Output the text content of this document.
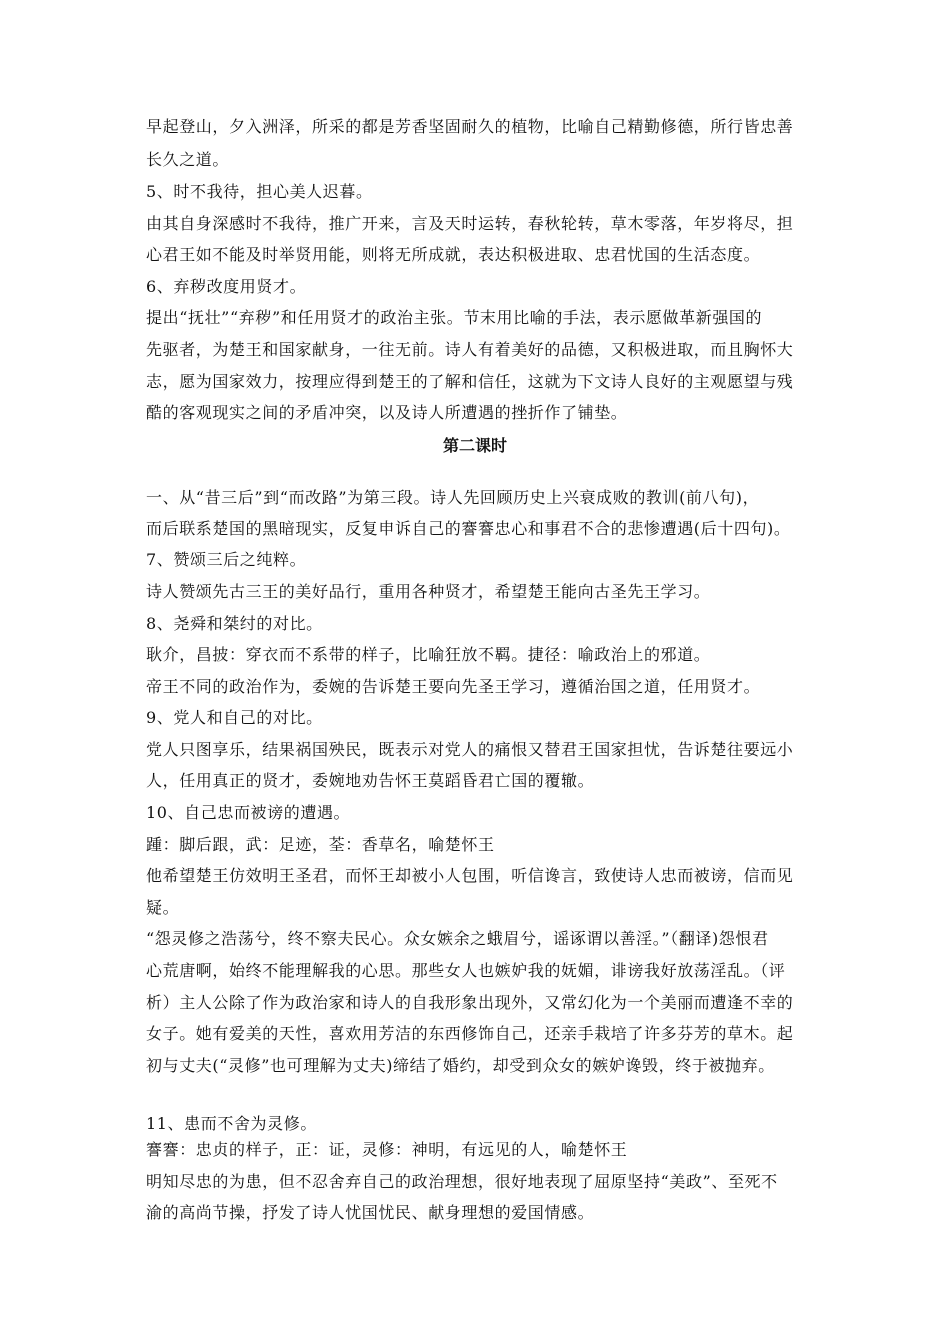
早起登山，夕入洲泽，所采的都是芳香坚固耐久的植物，比喻自己精勤修德，所行皆忠善
长久之道。
5、时不我待，担心美人迟暮。
由其自身深感时不我待，推广开来，言及天时运转，春秋轮转，草木零落，年岁将尽，担
心君王如不能及时举贤用能，则将无所成就，表达积极进取、忠君忧国的生活态度。
6、弃秽改度用贤才。
提出“抚壮”“弃秽”和任用贤才的政治主张。节末用比喻的手法，表示愿做革新强国的
先驱者，为楚王和国家献身，一往无前。诗人有着美好的品德，又积极进取，而且胸怀大
志，愿为国家效力，按理应得到楚王的了解和信任，这就为下文诗人良好的主观愿望与残
酷的客观现实之间的矛盾冲突，以及诗人所遭遇的挫折作了铺垫。
第二课时
一、从“昔三后”到“而改路”为第三段。诗人先回顾历史上兴衰成败的教训(前八句)，
而后联系楚国的黑暗现实，反复申诉自己的謇謇忠心和事君不合的悲惨遭遇(后十四句)。
7、赞颂三后之纯粹。
诗人赞颂先古三王的美好品行，重用各种贤才，希望楚王能向古圣先王学习。
8、尧舜和桀纣的对比。
耿介，昌披：穿衣而不系带的样子，比喻狂放不羁。捷径：喻政治上的邪道。
帝王不同的政治作为，委婉的告诉楚王要向先圣王学习，遵循治国之道，任用贤才。
9、党人和自己的对比。
党人只图享乐，结果祸国殃民，既表示对党人的痛恨又替君王国家担忧，告诉楚往要远小
人，任用真正的贤才，委婉地劝告怀王莫蹈昏君亡国的覆辙。
10、自己忠而被谤的遭遇。
踵：脚后跟，武：足迹，荃：香草名，喻楚怀王
他希望楚王仿效明王圣君，而怀王却被小人包围，听信谗言，致使诗人忠而被谤，信而见
疑。
“怨灵修之浩荡兮，终不察夫民心。众女嫉余之蛾眉兮，谣诼谓以善淫。”（翻译)怨恨君
心荒唐啊，始终不能理解我的心思。那些女人也嫉妒我的妩媚，诽谤我好放荡淫乱。（评
析）主人公除了作为政治家和诗人的自我形象出现外，又常幻化为一个美丽而遭逢不幸的
女子。她有爱美的天性，喜欢用芳洁的东西修饰自己，还亲手栽培了许多芬芳的草木。起
初与丈夫(“灵修”也可理解为丈夫)缔结了婚约，却受到众女的嫉妒谗毁，终于被抛弃。
11、患而不舍为灵修。
謇謇：忠贞的样子，正：证，灵修：神明，有远见的人，喻楚怀王
明知尽忠的为患，但不忍舍弃自己的政治理想，很好地表现了屈原坚持“美政”、至死不
渝的高尚节操，抒发了诗人忧国忧民、献身理想的爱国情感。
